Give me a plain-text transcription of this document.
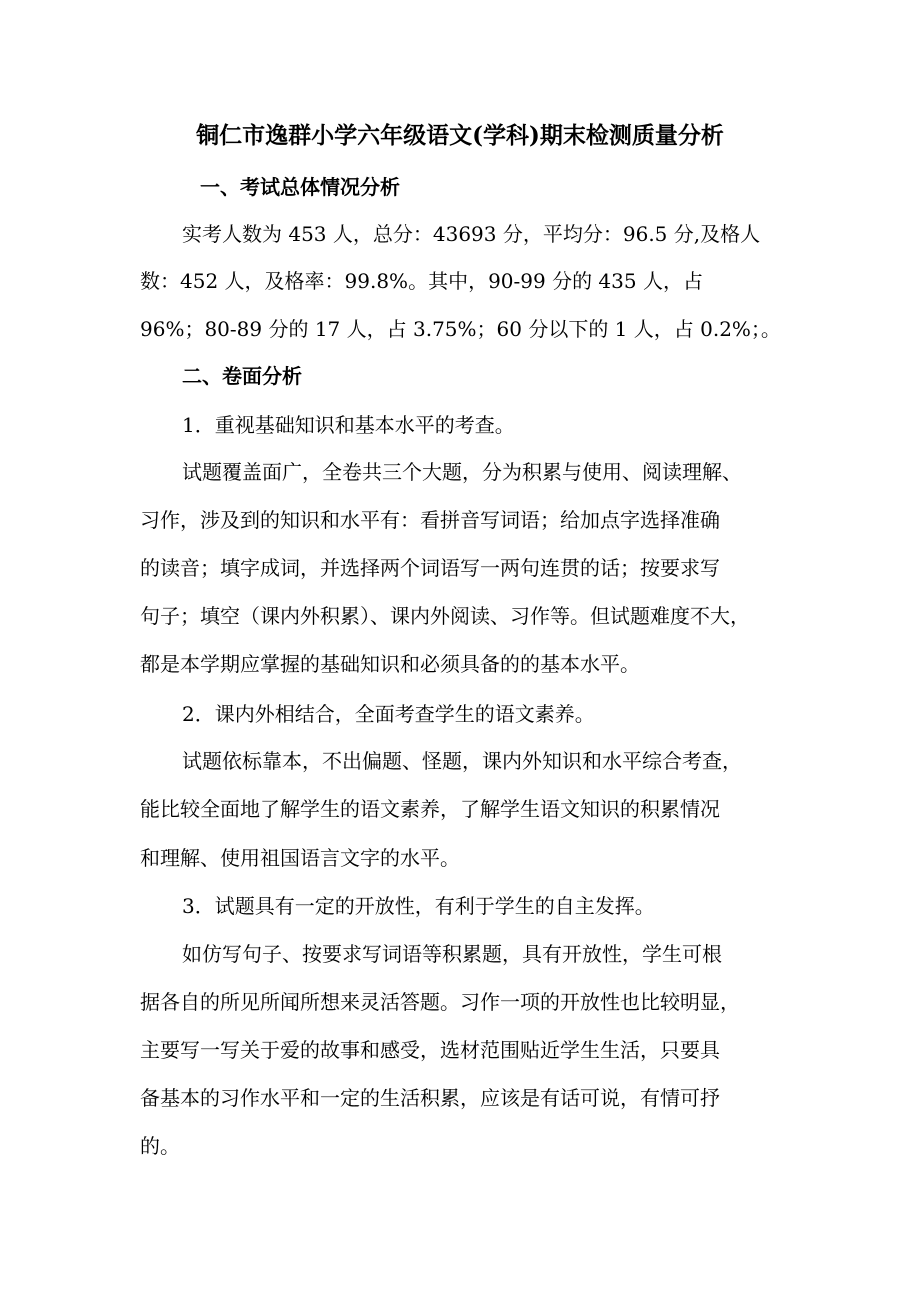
铜仁市逸群小学六年级语文(学科)期末检测质量分析
一、考试总体情况分析
实考人数为 453 人，总分：43693 分，平均分：96.5 分,及格人
数：452 人，及格率：99.8%。其中，90-99 分的 435 人，占
96%；80-89 分的 17 人，占 3.75%；60 分以下的 1 人，占 0.2%；。
二、卷面分析
1．重视基础知识和基本水平的考查。
试题覆盖面广，全卷共三个大题，分为积累与使用、阅读理解、
习作，涉及到的知识和水平有：看拼音写词语；给加点字选择准确
的读音；填字成词，并选择两个词语写一两句连贯的话；按要求写
句子；填空（课内外积累）、课内外阅读、习作等。但试题难度不大，
都是本学期应掌握的基础知识和必须具备的的基本水平。
2．课内外相结合，全面考查学生的语文素养。
试题依标靠本，不出偏题、怪题，课内外知识和水平综合考查，
能比较全面地了解学生的语文素养，了解学生语文知识的积累情况
和理解、使用祖国语言文字的水平。
3．试题具有一定的开放性，有利于学生的自主发挥。
如仿写句子、按要求写词语等积累题，具有开放性，学生可根
据各自的所见所闻所想来灵活答题。习作一项的开放性也比较明显，
主要写一写关于爱的故事和感受，选材范围贴近学生生活，只要具
备基本的习作水平和一定的生活积累，应该是有话可说，有情可抒
的。
